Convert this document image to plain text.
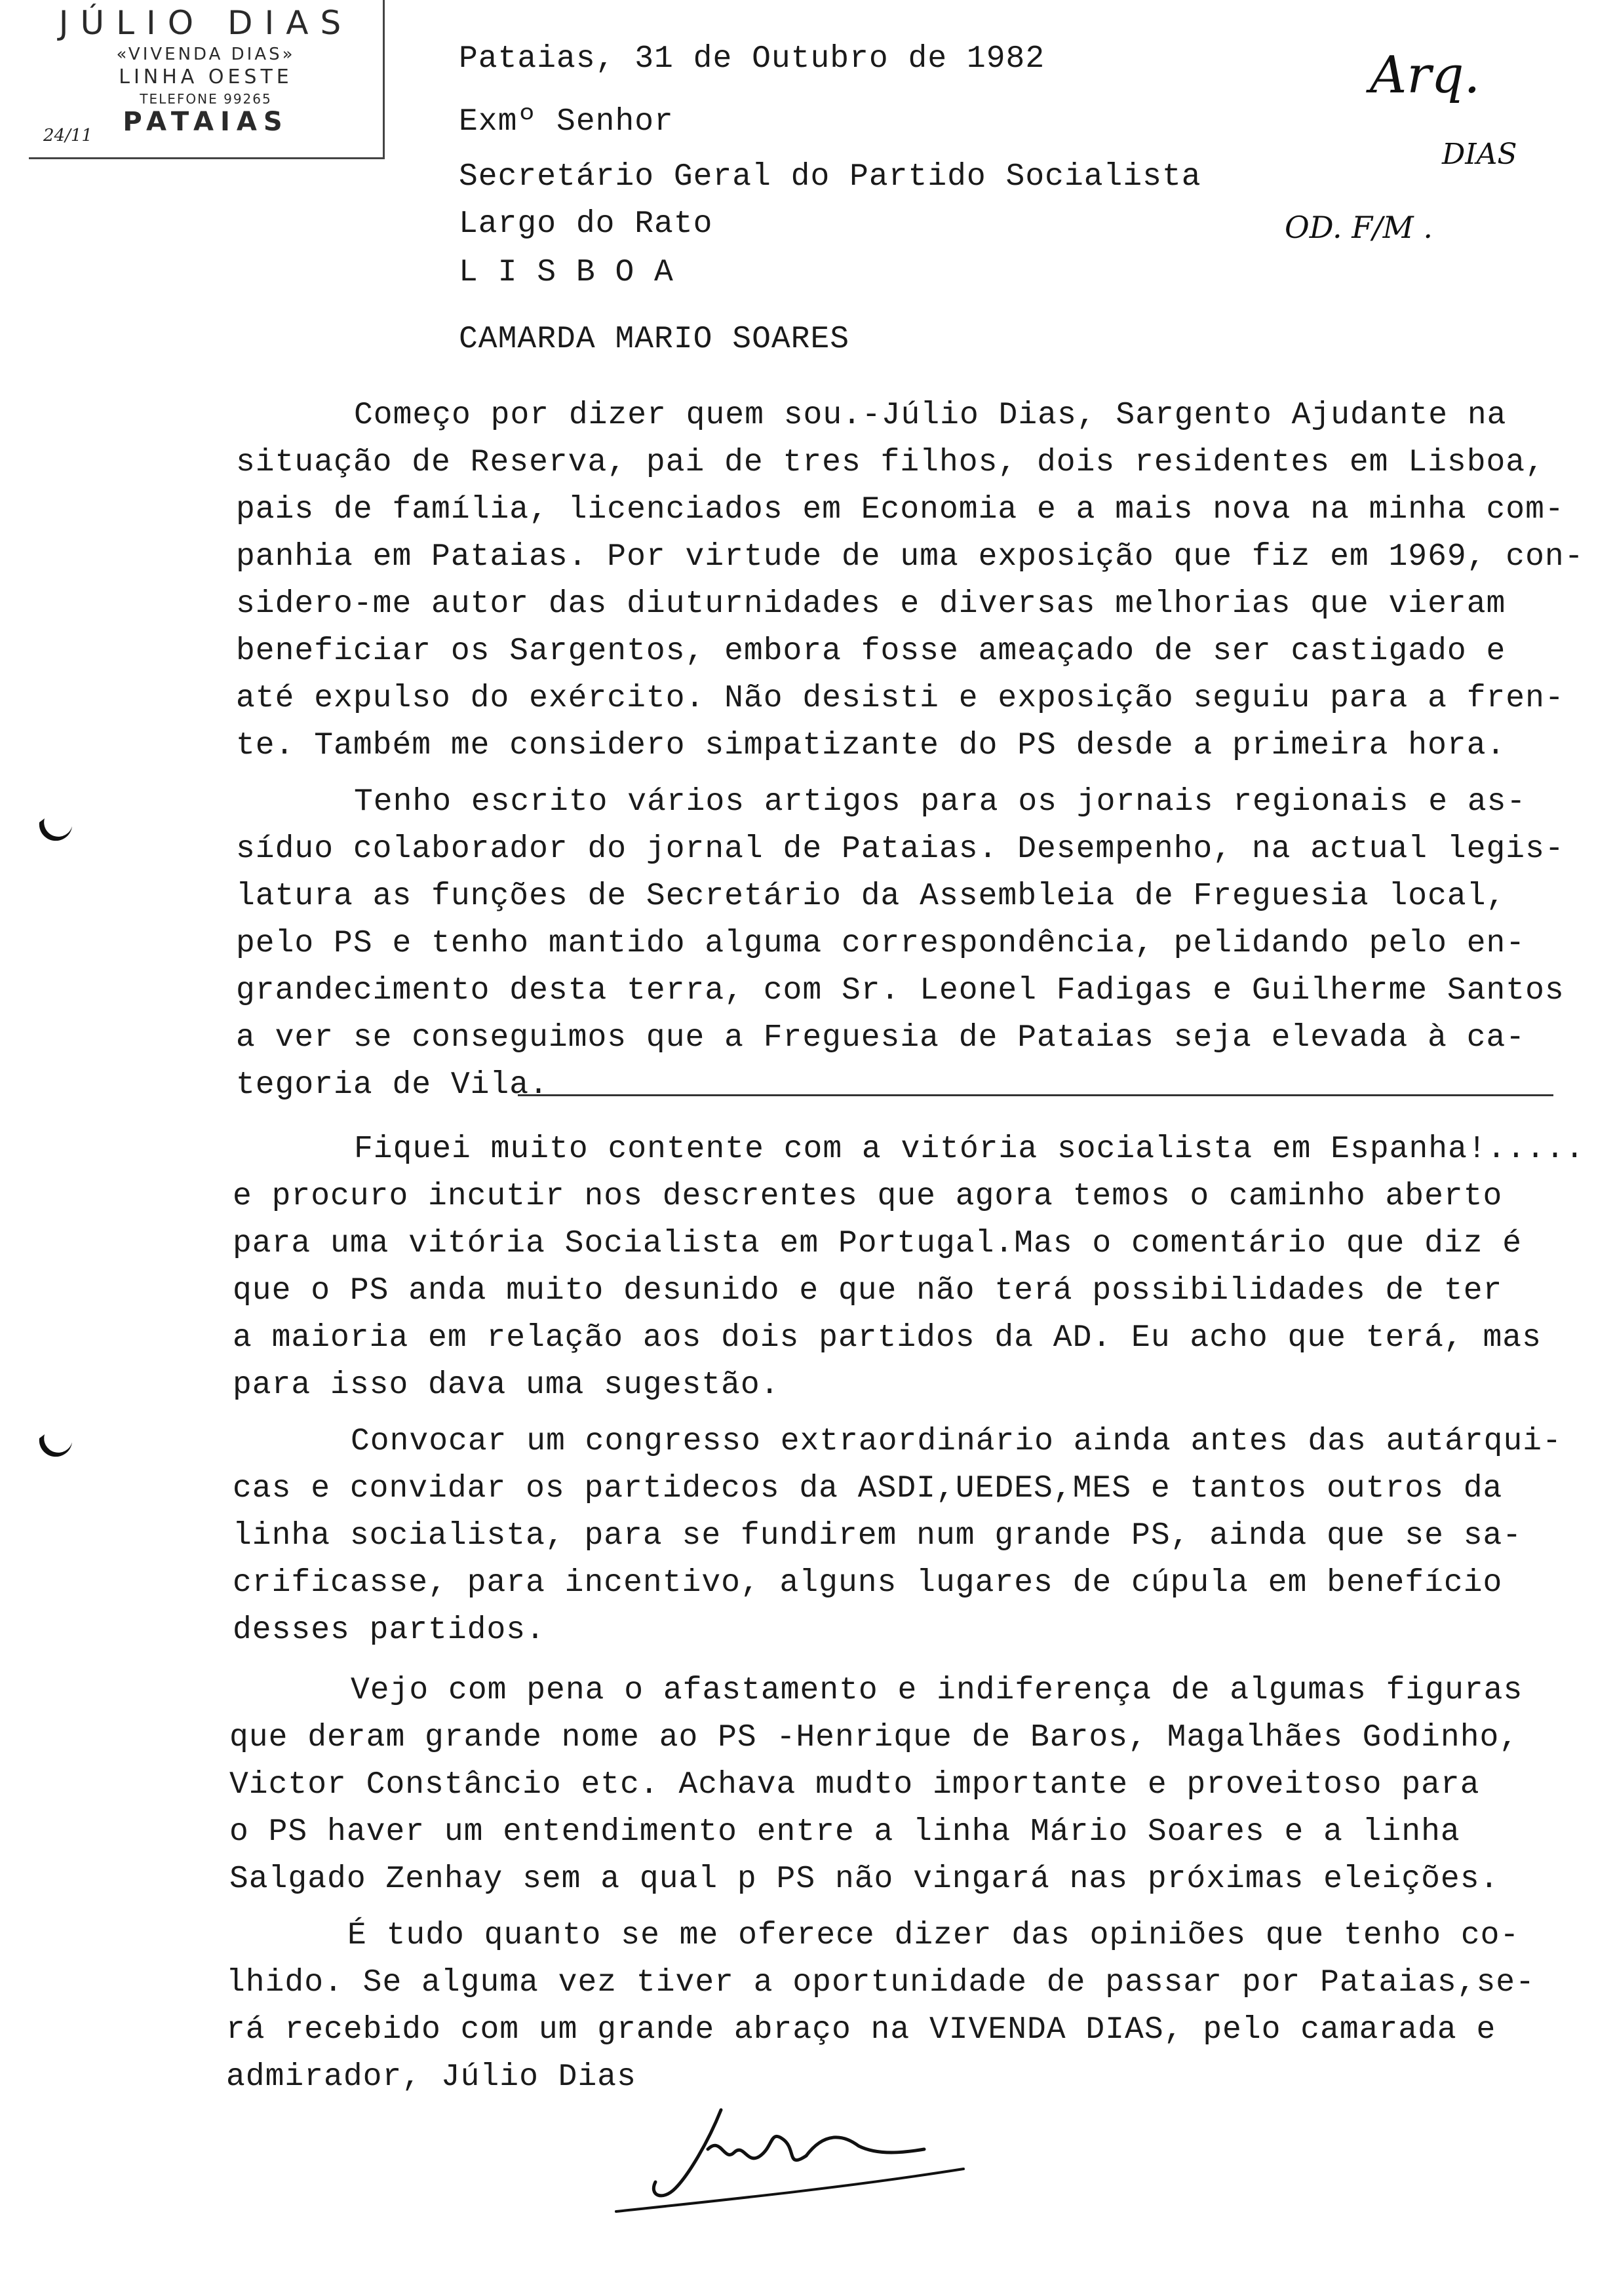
JÚLIO DIAS
«VIVENDA DIAS»
LINHA OESTE
TELEFONE 99265
PATAIAS
24/11
Arq.
DIAS
OD. F/M .
Pataias, 31 de Outubro de 1982
Exmº Senhor
Secretário Geral do Partido Socialista
Largo do Rato
L I S B O A
CAMARDA MARIO SOARES
Começo por dizer quem sou.-Júlio Dias, Sargento Ajudante na
situação de Reserva, pai de tres filhos, dois residentes em Lisboa,
pais de família, licenciados em Economia e a mais nova na minha com-
panhia em Pataias. Por virtude de uma exposição que fiz em 1969, con-
sidero-me autor das diuturnidades e diversas melhorias que vieram
beneficiar os Sargentos, embora fosse ameaçado de ser castigado e
até expulso do exército. Não desisti e exposição seguiu para a fren-
te. Também me considero simpatizante do PS desde a primeira hora.
Tenho escrito vários artigos para os jornais regionais e as-
síduo colaborador do jornal de Pataias. Desempenho, na actual legis-
latura as funções de Secretário da Assembleia de Freguesia local,
pelo PS e tenho mantido alguma correspondência, pelidando pelo en-
grandecimento desta terra, com Sr. Leonel Fadigas e Guilherme Santos
a ver se conseguimos que a Freguesia de Pataias seja elevada à ca-
tegoria de Vila.
Fiquei muito contente com a vitória socialista em Espanha!.....
e procuro incutir nos descrentes que agora temos o caminho aberto
para uma vitória Socialista em Portugal.Mas o comentário que diz é
que o PS anda muito desunido e que não terá possibilidades de ter
a maioria em relação aos dois partidos da AD. Eu acho que terá, mas
para isso dava uma sugestão.
Convocar um congresso extraordinário ainda antes das autárqui-
cas e convidar os partidecos da ASDI,UEDES,MES e tantos outros da
linha socialista, para se fundirem num grande PS, ainda que se sa-
crificasse, para incentivo, alguns lugares de cúpula em benefício
desses partidos.
Vejo com pena o afastamento e indiferença de algumas figuras
que deram grande nome ao PS -Henrique de Baros, Magalhães Godinho,
Victor Constâncio etc. Achava mudto importante e proveitoso para
o PS haver um entendimento entre a linha Mário Soares e a linha
Salgado Zenhay sem a qual p PS não vingará nas próximas eleições.
É tudo quanto se me oferece dizer das opiniões que tenho co-
lhido. Se alguma vez tiver a oportunidade de passar por Pataias,se-
rá recebido com um grande abraço na VIVENDA DIAS, pelo camarada e
admirador, Júlio Dias
